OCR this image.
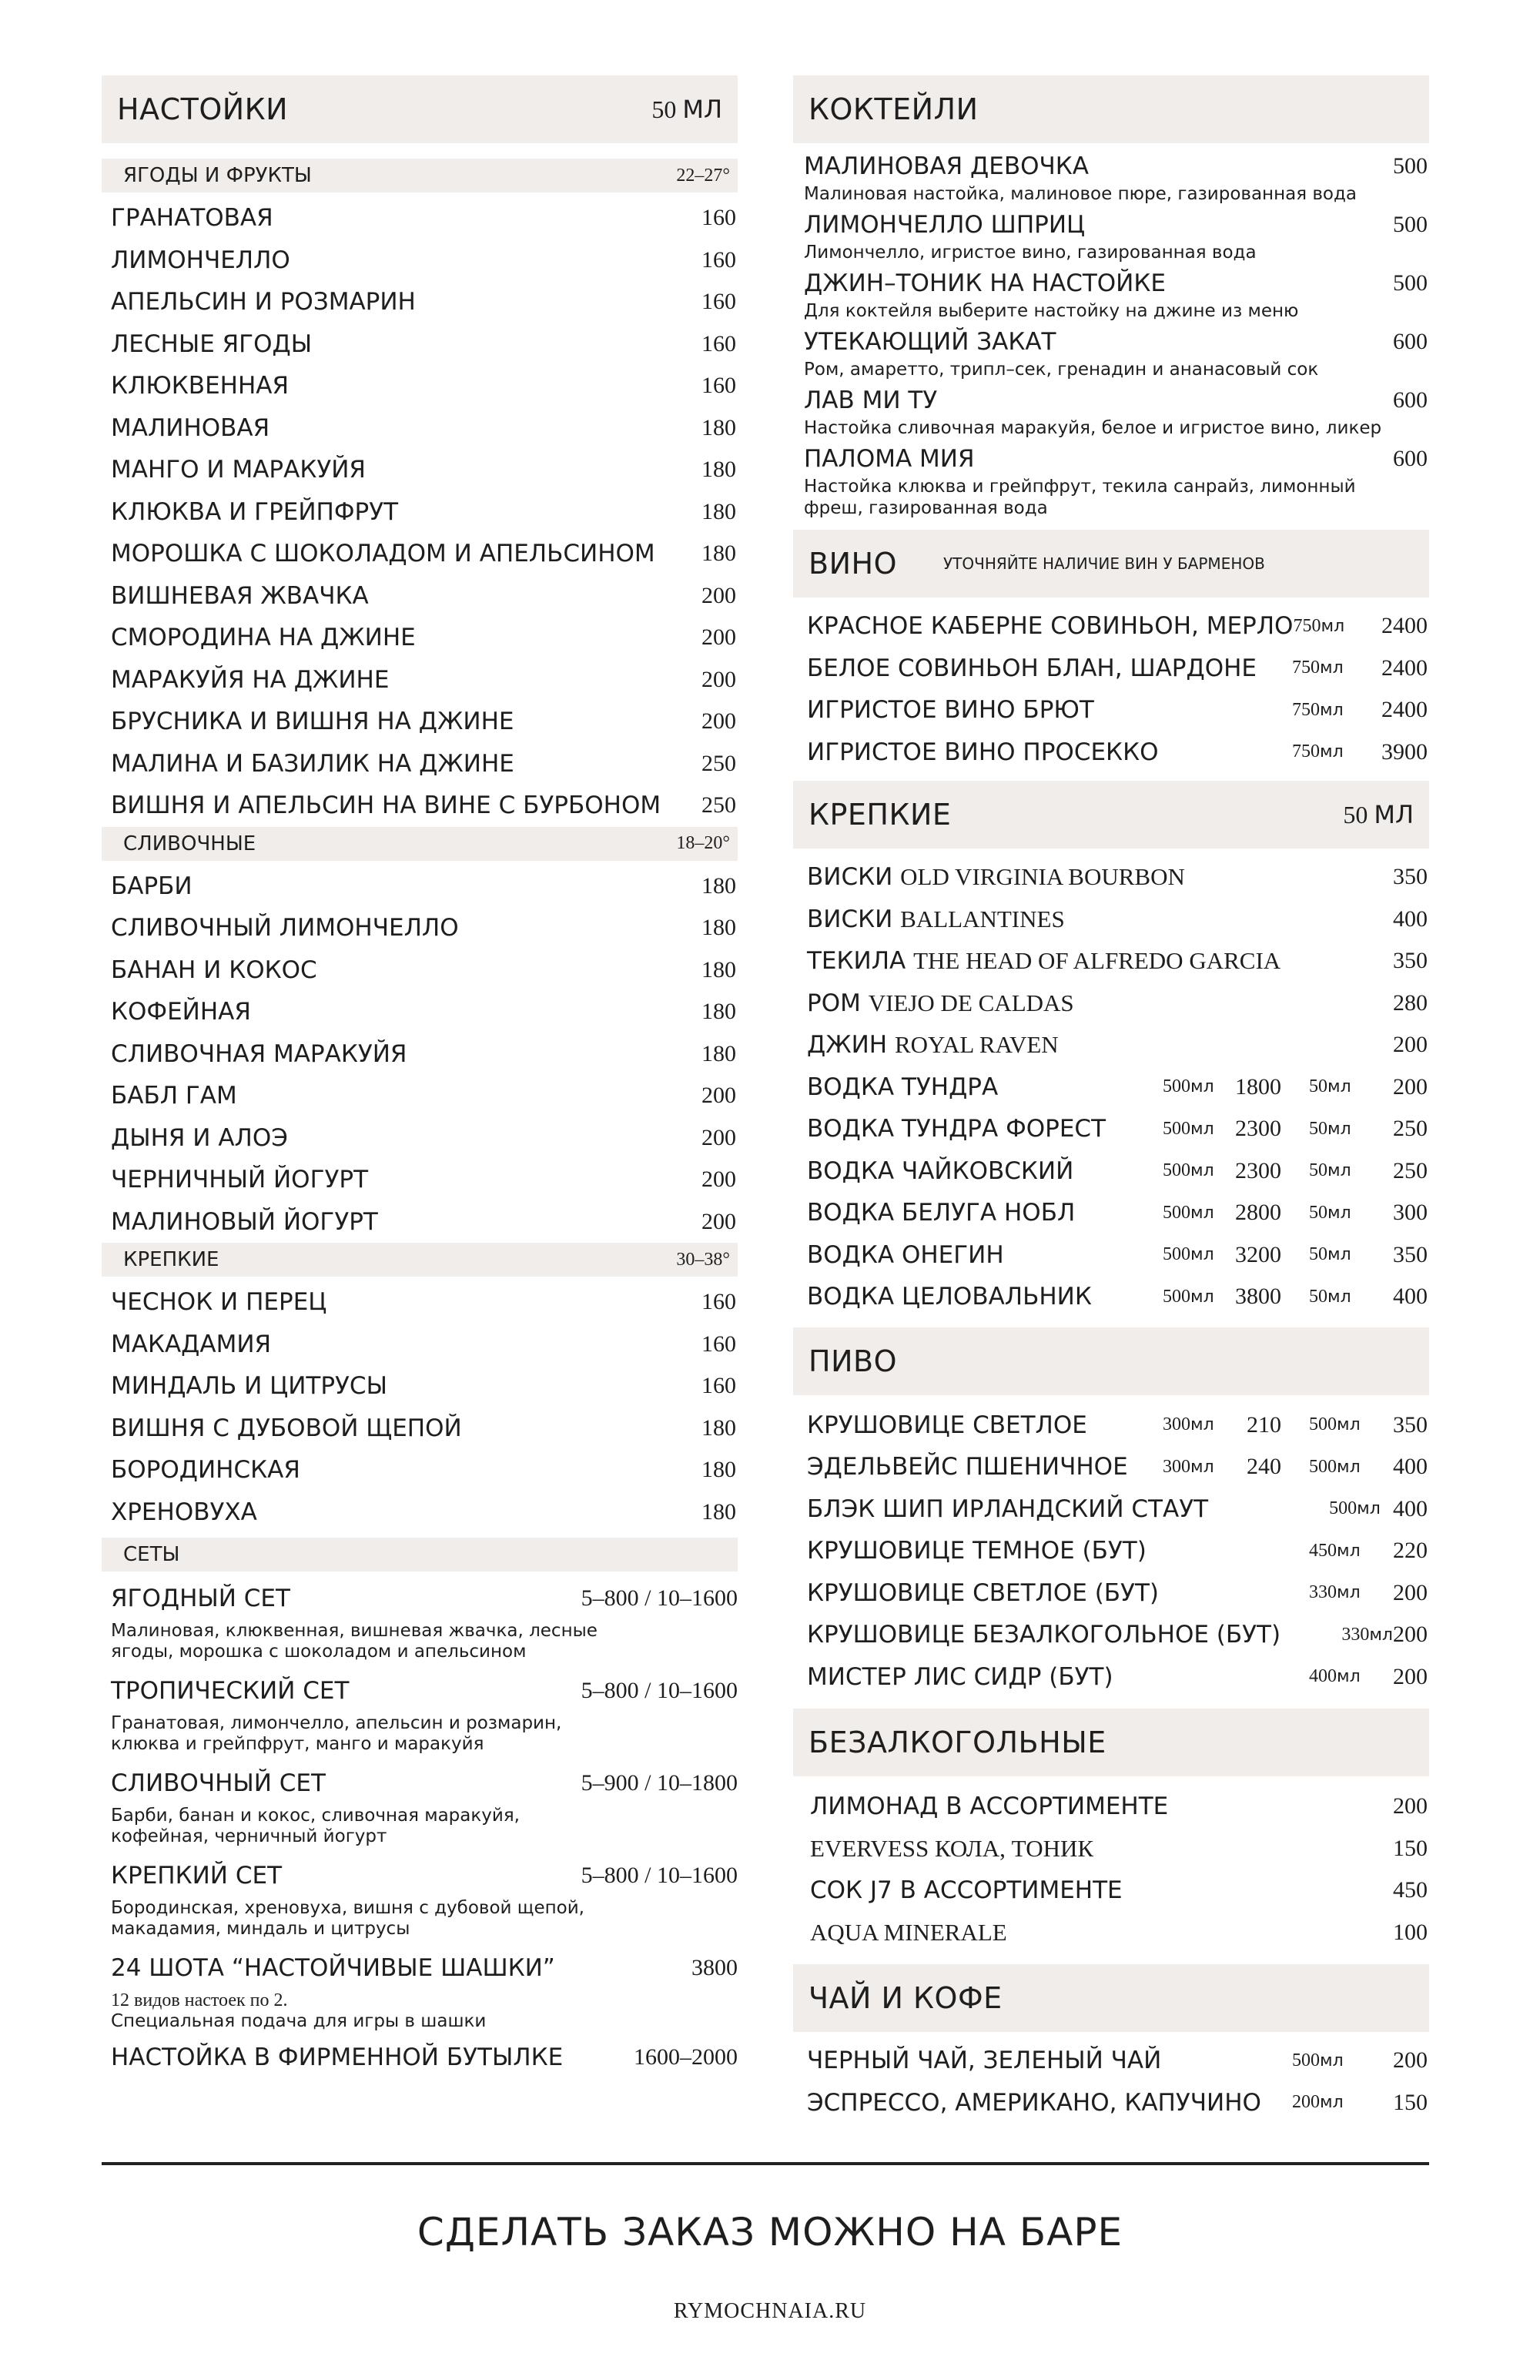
НАСТОЙКИ	50 МЛ
ЯГОДЫ И ФРУКТЫ	22–27°
ГРАНАТОВАЯ	160
ЛИМОНЧЕЛЛО	160
АПЕЛЬСИН И РОЗМАРИН	160
ЛЕСНЫЕ ЯГОДЫ	160
КЛЮКВЕННАЯ	160
МАЛИНОВАЯ	180
МАНГО И МАРАКУЙЯ	180
КЛЮКВА И ГРЕЙПФРУТ	180
МОРОШКА С ШОКОЛАДОМ И АПЕЛЬСИНОМ	180
ВИШНЕВАЯ ЖВАЧКА	200
СМОРОДИНА НА ДЖИНЕ	200
МАРАКУЙЯ НА ДЖИНЕ	200
БРУСНИКА И ВИШНЯ НА ДЖИНЕ	200
МАЛИНА И БАЗИЛИК НА ДЖИНЕ	250
ВИШНЯ И АПЕЛЬСИН НА ВИНЕ С БУРБОНОМ	250
СЛИВОЧНЫЕ	18–20°
БАРБИ	180
СЛИВОЧНЫЙ ЛИМОНЧЕЛЛО	180
БАНАН И КОКОС	180
КОФЕЙНАЯ	180
СЛИВОЧНАЯ МАРАКУЙЯ	180
БАБЛ ГАМ	200
ДЫНЯ И АЛОЭ	200
ЧЕРНИЧНЫЙ ЙОГУРТ	200
МАЛИНОВЫЙ ЙОГУРТ	200
КРЕПКИЕ	30–38°
ЧЕСНОК И ПЕРЕЦ	160
МАКАДАМИЯ	160
МИНДАЛЬ И ЦИТРУСЫ	160
ВИШНЯ С ДУБОВОЙ ЩЕПОЙ	180
БОРОДИНСКАЯ	180
ХРЕНОВУХА	180
СЕТЫ
ЯГОДНЫЙ СЕТ	5–800 / 10–1600
Малиновая, клюквенная, вишневая жвачка, лесные
ягоды, морошка с шоколадом и апельсином
ТРОПИЧЕСКИЙ СЕТ	5–800 / 10–1600
Гранатовая, лимончелло, апельсин и розмарин,
клюква и грейпфрут, манго и маракуйя
СЛИВОЧНЫЙ СЕТ	5–900 / 10–1800
Барби, банан и кокос, сливочная маракуйя,
кофейная, черничный йогурт
КРЕПКИЙ СЕТ	5–800 / 10–1600
Бородинская, хреновуха, вишня с дубовой щепой,
макадамия, миндаль и цитрусы
24 ШОТА “НАСТОЙЧИВЫЕ ШАШКИ”	3800
12 видов настоек по 2.
Специальная подача для игры в шашки
НАСТОЙКА В ФИРМЕННОЙ БУТЫЛКЕ	1600–2000
КОКТЕЙЛИ
МАЛИНОВАЯ ДЕВОЧКА	500
Малиновая настойка, малиновое пюре, газированная вода
ЛИМОНЧЕЛЛО ШПРИЦ	500
Лимончелло, игристое вино, газированная вода
ДЖИН–ТОНИК НА НАСТОЙКЕ	500
Для коктейля выберите настойку на джине из меню
УТЕКАЮЩИЙ ЗАКАТ	600
Ром, амаретто, трипл–сек, гренадин и ананасовый сок
ЛАВ МИ ТУ	600
Настойка сливочная маракуйя, белое и игристое вино, ликер
ПАЛОМА МИЯ	600
Настойка клюква и грейпфрут, текила санрайз, лимонный
фреш, газированная вода
ВИНО	УТОЧНЯЙТЕ НАЛИЧИЕ ВИН У БАРМЕНОВ
КРАСНОЕ КАБЕРНЕ СОВИНЬОН, МЕРЛО 750мл	2400
БЕЛОЕ СОВИНЬОН БЛАН, ШАРДОНЕ	750мл	2400
ИГРИСТОЕ ВИНО БРЮТ	750мл	2400
ИГРИСТОЕ ВИНО ПРОСЕККО	750мл	3900
КРЕПКИЕ	50 МЛ
ВИСКИ OLD VIRGINIA BOURBON	350
ВИСКИ BALLANTINES	400
ТЕКИЛА THE HEAD OF ALFREDO GARCIA	350
РОМ VIEJO DE CALDAS	280
ДЖИН ROYAL RAVEN	200
ВОДКА ТУНДРА	500мл 1800 50мл	200
ВОДКА ТУНДРА ФОРЕСТ	500мл 2300 50мл	250
ВОДКА ЧАЙКОВСКИЙ	500мл 2300 50мл	250
ВОДКА БЕЛУГА НОБЛ	500мл 2800 50мл	300
ВОДКА ОНЕГИН	500мл 3200 50мл	350
ВОДКА ЦЕЛОВАЛЬНИК	500мл 3800 50мл	400
ПИВО
КРУШОВИЦЕ СВЕТЛОЕ	300мл	210 500мл	350
ЭДЕЛЬВЕЙС ПШЕНИЧНОЕ	300мл	240 500мл	400
БЛЭК ШИП ИРЛАНДСКИЙ СТАУТ	500мл 400
КРУШОВИЦЕ ТЕМНОЕ (БУТ)	450мл	220
КРУШОВИЦЕ СВЕТЛОЕ (БУТ)	330мл	200
КРУШОВИЦЕ БЕЗАЛКОГОЛЬНОЕ (БУТ)	330мл 200
МИСТЕР ЛИС СИДР (БУТ)	400мл	200
БЕЗАЛКОГОЛЬНЫЕ
ЛИМОНАД В АССОРТИМЕНТЕ	200
EVERVESS КОЛА, ТОНИК	150
СОК J7 В АССОРТИМЕНТЕ	450
AQUA MINERALE	100
ЧАЙ И КОФЕ
ЧЕРНЫЙ ЧАЙ, ЗЕЛЕНЫЙ ЧАЙ	500мл	200
ЭСПРЕССО, АМЕРИКАНО, КАПУЧИНО	200мл	150
СДЕЛАТЬ ЗАКАЗ МОЖНО НА БАРЕ
RYMOCHNAIA.RU
